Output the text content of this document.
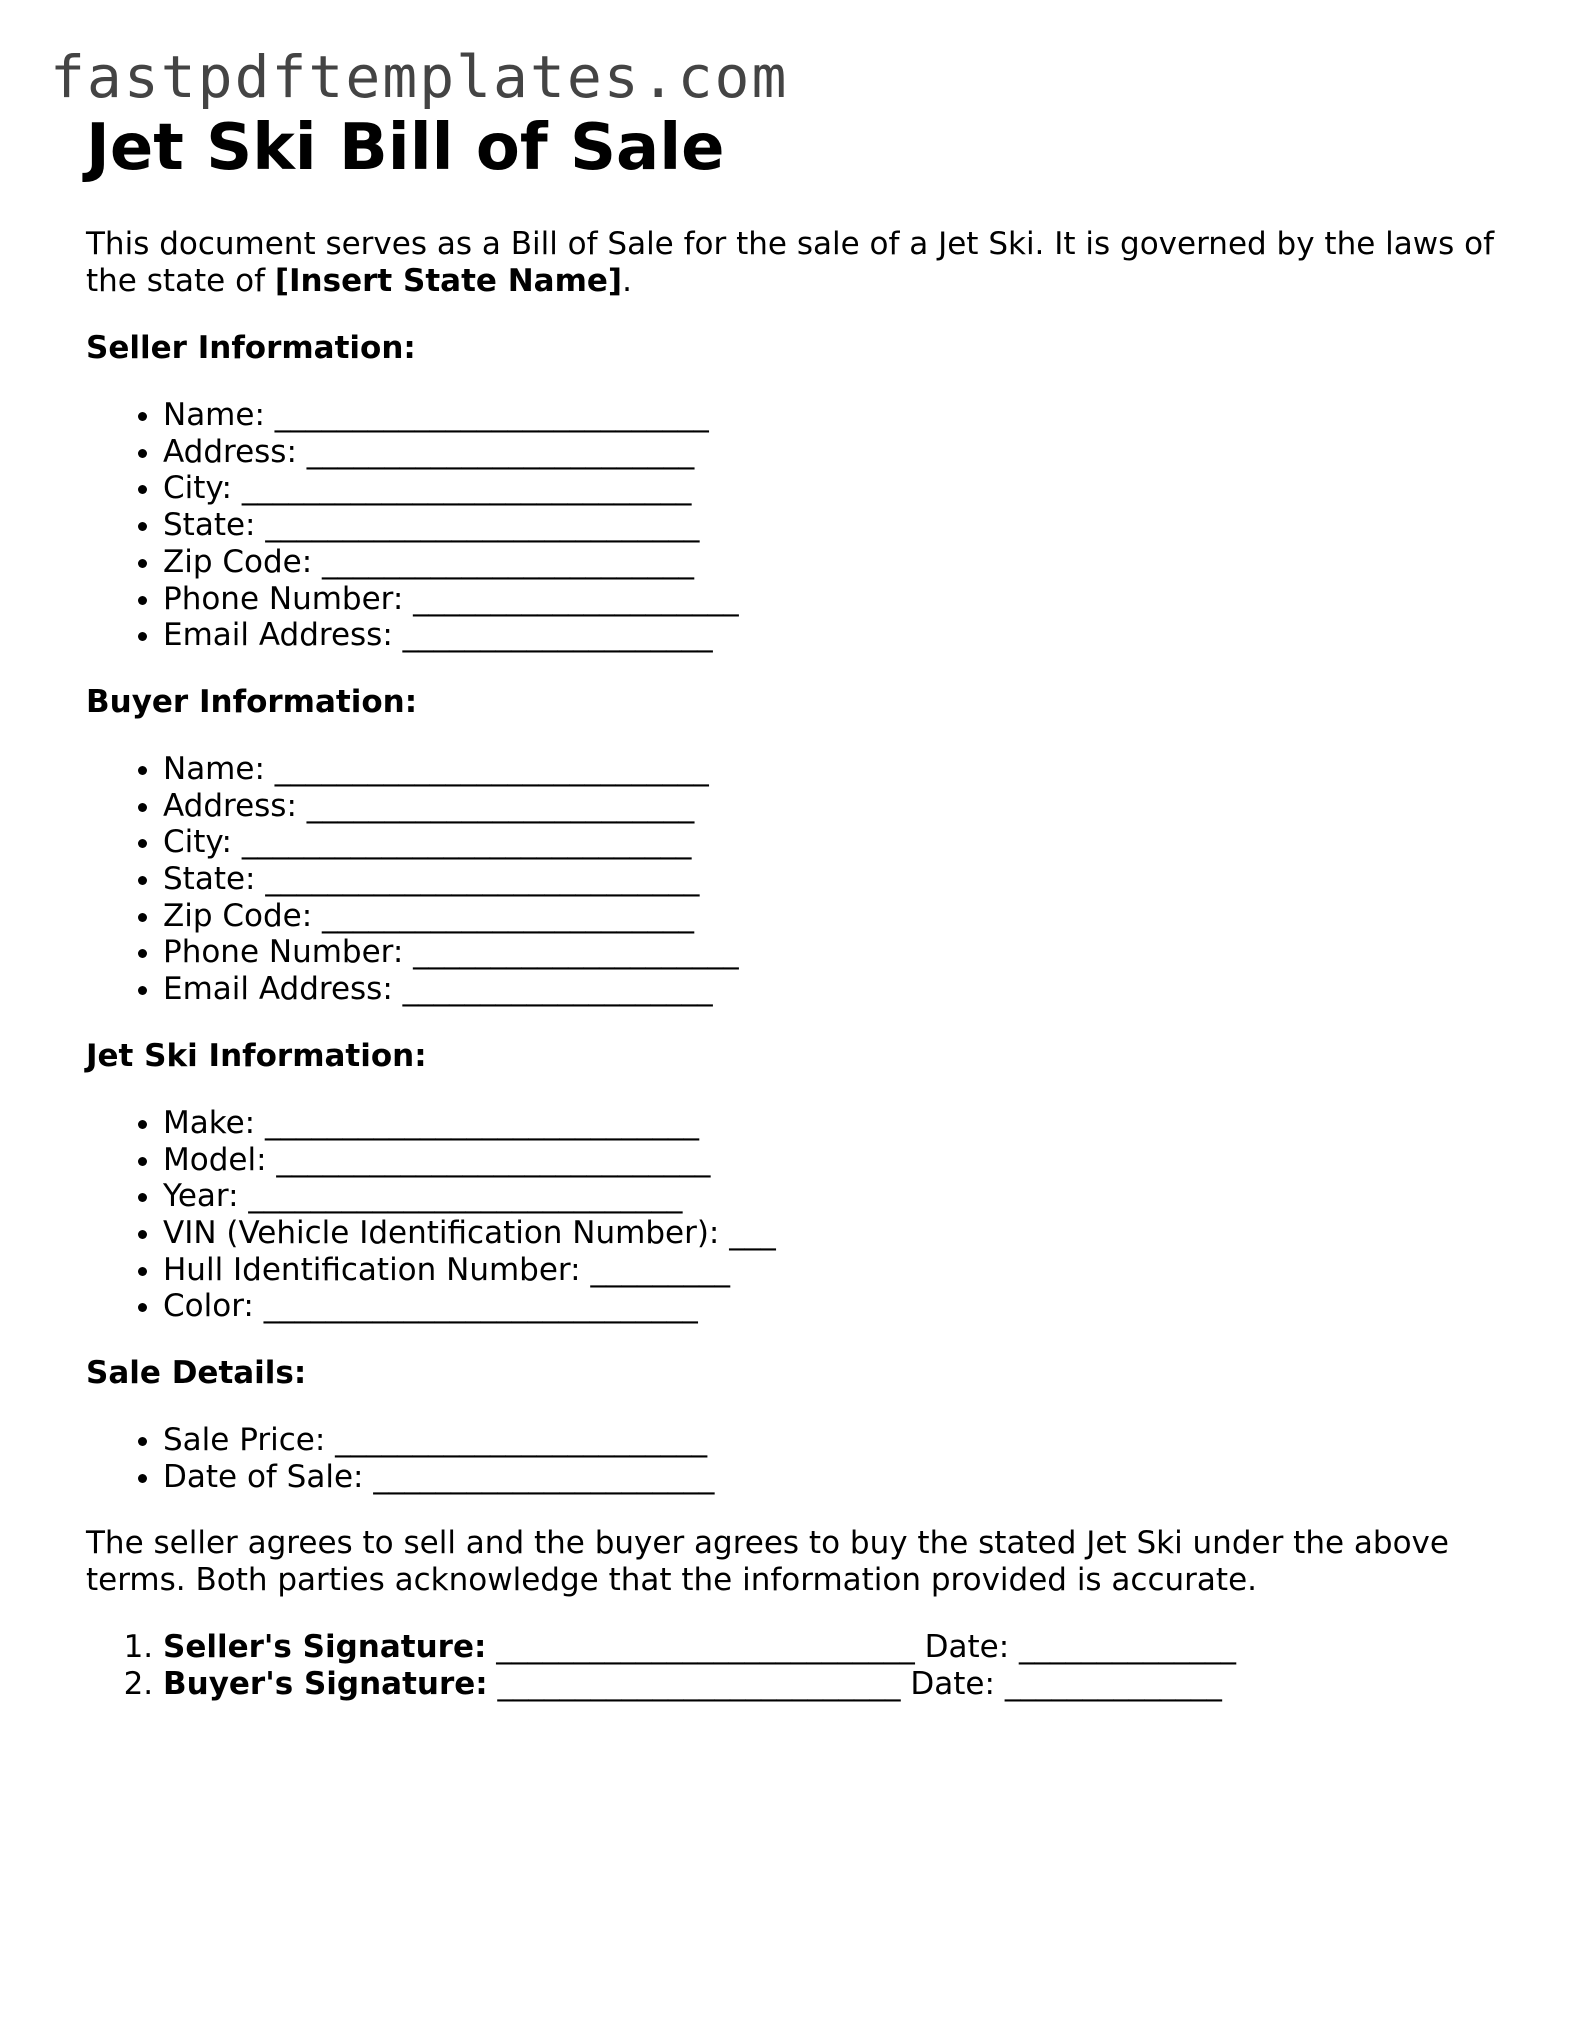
fastpdftemplates.com
Jet Ski Bill of Sale

This document serves as a Bill of Sale for the sale of a Jet Ski. It is governed by the laws of the state of [Insert State Name].

Seller Information:

• Name: ____________________________
• Address: _________________________
• City: _____________________________
• State: ____________________________
• Zip Code: ________________________
• Phone Number: _____________________
• Email Address: ____________________

Buyer Information:

• Name: ____________________________
• Address: _________________________
• City: _____________________________
• State: ____________________________
• Zip Code: ________________________
• Phone Number: _____________________
• Email Address: ____________________

Jet Ski Information:

• Make: ____________________________
• Model: ____________________________
• Year: ____________________________
• VIN (Vehicle Identification Number): ___
• Hull Identification Number: _________
• Color: ____________________________

Sale Details:

• Sale Price: ________________________
• Date of Sale: ______________________

The seller agrees to sell and the buyer agrees to buy the stated Jet Ski under the above terms. Both parties acknowledge that the information provided is accurate.

1. Seller's Signature: ___________________________ Date: ______________
2. Buyer's Signature: __________________________ Date: ______________
